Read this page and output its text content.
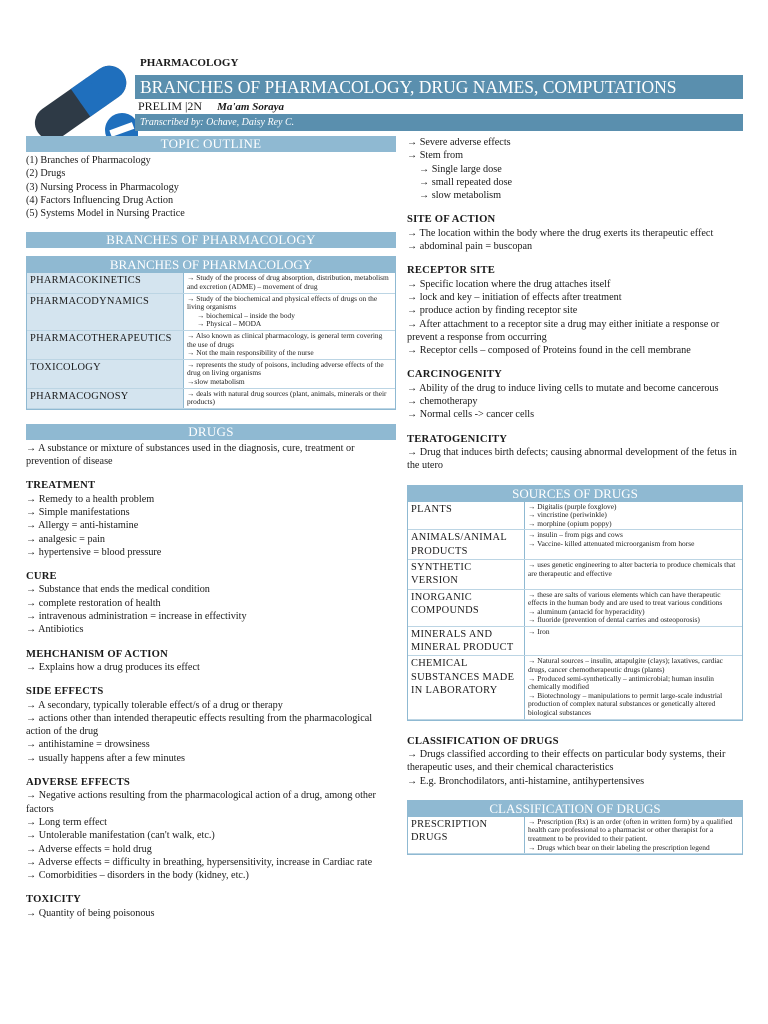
PHARMACOLOGY
BRANCHES OF PHARMACOLOGY, DRUG NAMES, COMPUTATIONS
PRELIM |2N Ma'am Soraya
Transcribed by: Ochave, Daisy Rey C.
TOPIC OUTLINE
(1) Branches of Pharmacology
(2) Drugs
(3) Nursing Process in Pharmacology
(4) Factors Influencing Drug Action
(5) Systems Model in Nursing Practice
BRANCHES OF PHARMACOLOGY
BRANCHES OF PHARMACOLOGY
PHARMACOKINETICS	→ Study of the process of drug absorption, distribution, metabolism and excretion (ADME) – movement of drug

PHARMACODYNAMICS	→ Study of the biochemical and physical effects of drugs on the living organisms
→ biochemical – inside the body
→ Physical – MODA

PHARMACOTHERAPEUTICS	→ Also known as clinical pharmacology, is general term covering the use of drugs
→ Not the main responsibility of the nurse

TOXICOLOGY	→ represents the study of poisons, including adverse effects of the drug on living organisms
→slow metabolism

PHARMACOGNOSY	→ deals with natural drug sources (plant, animals, minerals or their products)
DRUGS
→ A substance or mixture of substances used in the diagnosis, cure, treatment or prevention of disease
TREATMENT
→ Remedy to a health problem
→ Simple manifestations
→ Allergy = anti-histamine
→ analgesic = pain
→ hypertensive = blood pressure
CURE
→ Substance that ends the medical condition
→ complete restoration of health
→ intravenous administration = increase in effectivity
→ Antibiotics
MEHCHANISM OF ACTION
→ Explains how a drug produces its effect
SIDE EFFECTS
→ A secondary, typically tolerable effect/s of a drug or therapy
→ actions other than intended therapeutic effects resulting from the pharmacological action of the drug
→ antihistamine = drowsiness
→ usually happens after a few minutes
ADVERSE EFFECTS
→ Negative actions resulting from the pharmacological action of a drug, among other factors
→ Long term effect
→ Untolerable manifestation (can't walk, etc.)
→ Adverse effects = hold drug
→ Adverse effects = difficulty in breathing, hypersensitivity, increase in Cardiac rate
→ Comorbidities – disorders in the body (kidney, etc.)
TOXICITY
→ Quantity of being poisonous
→ Severe adverse effects
→ Stem from
→ Single large dose
→ small repeated dose
→ slow metabolism
SITE OF ACTION
→ The location within the body where the drug exerts its therapeutic effect
→ abdominal pain = buscopan
RECEPTOR SITE
→ Specific location where the drug attaches itself
→ lock and key – initiation of effects after treatment
→ produce action by finding receptor site
→ After attachment to a receptor site a drug may either initiate a response or prevent a response from occurring
→ Receptor cells – composed of Proteins found in the cell membrane
CARCINOGENITY
→ Ability of the drug to induce living cells to mutate and become cancerous
→ chemotherapy
→ Normal cells -> cancer cells
TERATOGENICITY
→ Drug that induces birth defects; causing abnormal development of the fetus in the utero
SOURCES OF DRUGS
PLANTS	→ Digitalis (purple foxglove)
→ vincristine (periwinkle)
→ morphine (opium poppy)

ANIMALS/ANIMAL PRODUCTS	→ insulin – from pigs and cows
→ Vaccine- killed attenuated microorganism from horse

SYNTHETIC VERSION	→ uses genetic engineering to alter bacteria to produce chemicals that are therapeutic and effective

INORGANIC COMPOUNDS	→ these are salts of various elements which can have therapeutic effects in the human body and are used to treat various conditions
→ aluminum (antacid for hyperacidity)
→ fluoride (prevention of dental carries and osteoporosis)

MINERALS AND MINERAL PRODUCT	→ Iron

CHEMICAL SUBSTANCES MADE IN LABORATORY	→ Natural sources – insulin, attapulgite (clays); laxatives, cardiac drugs, cancer chemotherapeutic drugs (plants)
→ Produced semi-synthetically – antimicrobial; human insulin chemically modified
→ Biotechnology – manipulations to permit large-scale industrial production of complex natural substances or genetically altered biological substances
CLASSIFICATION OF DRUGS
→ Drugs classified according to their effects on particular body systems, their therapeutic uses, and their chemical characteristics
→ E.g. Bronchodilators, anti-histamine, antihypertensives
CLASSIFICATION OF DRUGS
PRESCRIPTION DRUGS	
→ Prescription (Rx) is an order (often in written form) by a qualified health care professional to a pharmacist or other therapist for a treatment to be provided to their patient.
→ Drugs which bear on their labeling the prescription legend
